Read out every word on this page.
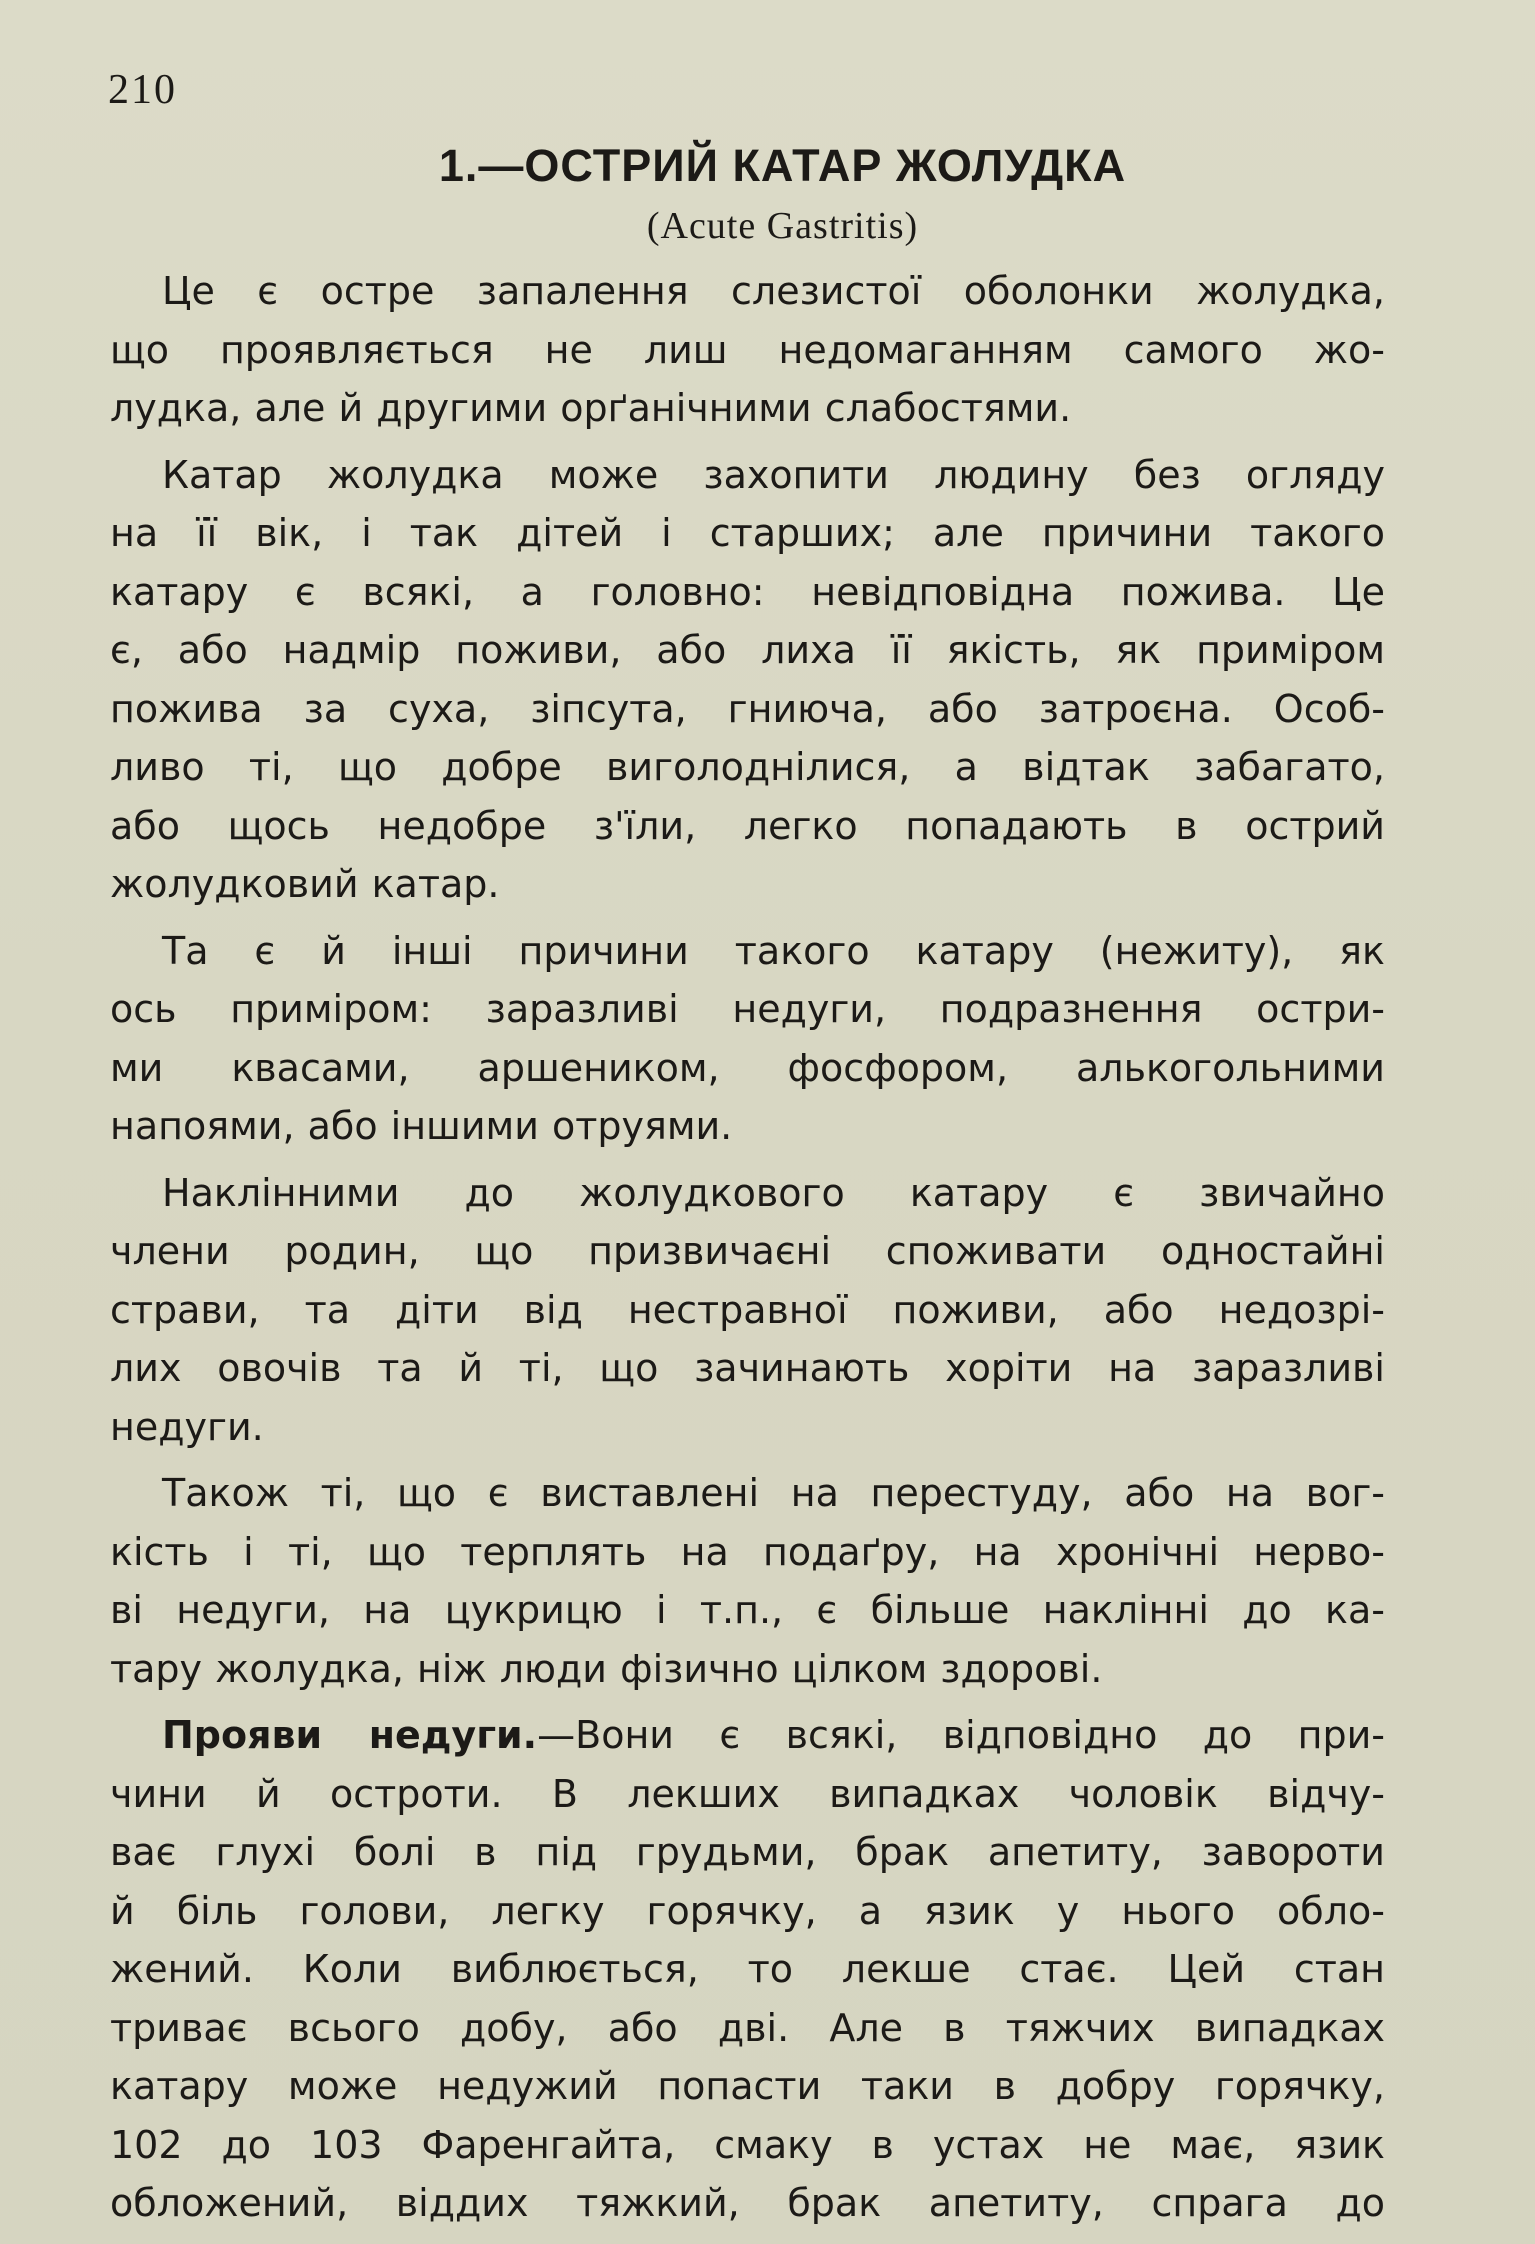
210
1.—ОСТРИЙ КАТАР ЖОЛУДКА
(Acute Gastritis)
Це є остре запалення слезистої оболонки жолудка,
що проявляється не лиш недомаганням самого жо-
лудка, але й другими орґанічними слабостями.
Катар жолудка може захопити людину без огляду
на її вік, і так дітей і старших; але причини такого
катару є всякі, а головно: невідповідна пожива. Це
є, або надмір поживи, або лиха її якість, як приміром
пожива за суха, зіпсута, гниюча, або затроєна. Особ-
ливо ті, що добре виголоднілися, а відтак забагато,
або щось недобре з'їли, легко попадають в острий
жолудковий катар.
Та є й інші причини такого катару (нежиту), як
ось приміром: заразливі недуги, подразнення остри-
ми квасами, аршеником, фосфором, алькогольними
напоями, або іншими отруями.
Наклінними до жолудкового катару є звичайно
члени родин, що призвичаєні споживати одностайні
страви, та діти від нестравної поживи, або недозрі-
лих овочів та й ті, що зачинають хоріти на заразливі
недуги.
Також ті, що є виставлені на перестуду, або на вог-
кість і ті, що терплять на подаґру, на хронічні нерво-
ві недуги, на цукрицю і т.п., є більше наклінні до ка-
тару жолудка, ніж люди фізично цілком здорові.
Прояви недуги.—Вони є всякі, відповідно до при-
чини й остроти. В лекших випадках чоловік відчу-
ває глухі болі в під грудьми, брак апетиту, завороти
й біль голови, легку горячку, а язик у нього обло-
жений. Коли виблюється, то лекше стає. Цей стан
триває всього добу, або дві. Але в тяжчих випадках
катару може недужий попасти таки в добру горячку,
102 до 103 Фаренгайта, смаку в устах не має, язик
обложений, віддих тяжкий, брак апетиту, спрага до
